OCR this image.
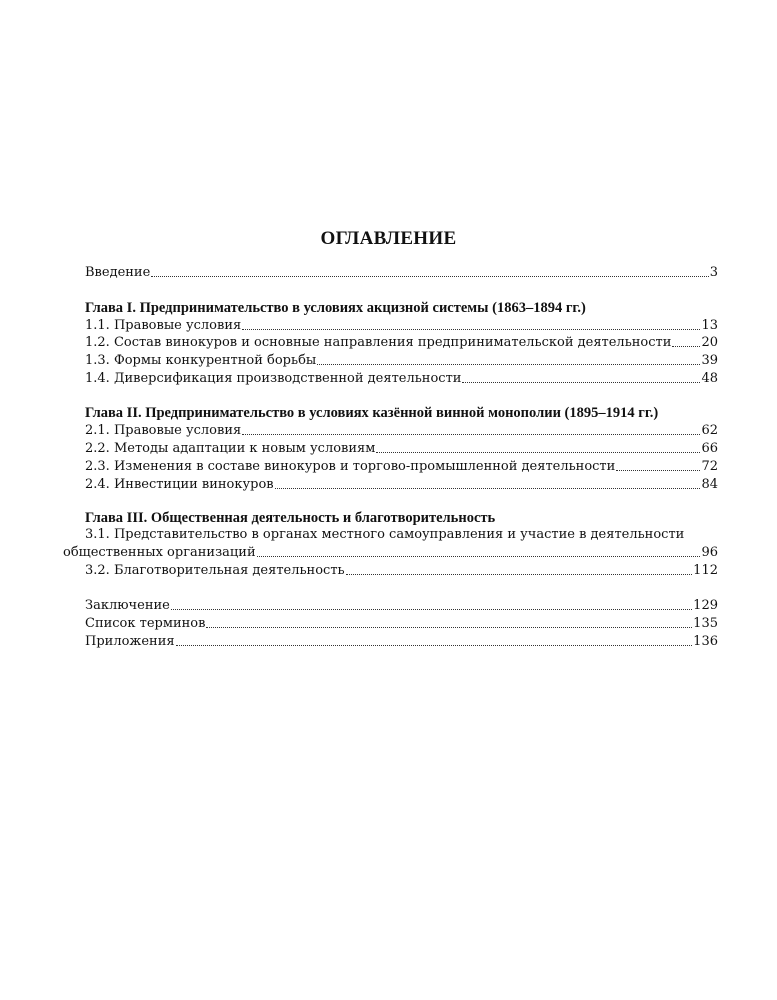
ОГЛАВЛЕНИЕ
Введение	3
Глава I. Предпринимательство в условиях акцизной системы (1863–1894 гг.)
1.1. Правовые условия	13
1.2. Состав винокуров и основные направления предпринимательской деятельности 20
1.3. Формы конкурентной борьбы	39
1.4. Диверсификация производственной деятельности	48
Глава II. Предпринимательство в условиях казённой винной монополии (1895–1914 гг.)
2.1. Правовые условия	62
2.2. Методы адаптации к новым условиям	66
2.3. Изменения в составе винокуров и торгово-промышленной деятельности	72
2.4. Инвестиции винокуров	84
Глава III. Общественная деятельность и благотворительность
3.1. Представительство в органах местного самоуправления и участие в деятельности
общественных организаций	96
3.2. Благотворительная деятельность	112
Заключение	129
Список терминов	135
Приложения	136
